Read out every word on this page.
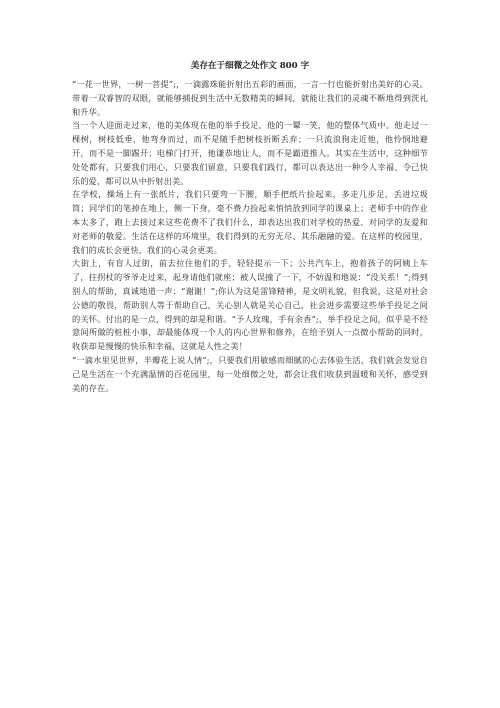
美存在于细微之处作文 800 字

“一花一世界，一树一菩提”;，一滴露珠能折射出五彩的画面，一言一行也能折射出美好的心灵。带着一双睿智的双眼，就能够捕捉到生活中无数精美的瞬间，就能让我们的灵魂不断地得到洗礼和升华。

当一个人迎面走过来，他的美体现在他的举手投足，他的一颦一笑，他的整体气质中。他走过一棵树，树枝低垂，他弯身而过，而不是随手把树枝折断丢弃；一只流浪狗走近他，他怜悯地避开，而不是一脚踢开；电梯门打开，他谦恭地让人，而不是霸道推人。其实在生活中，这种细节处处都有，只要我们用心，只要我们留意，只要我们践行，都可以表达出一种令人幸福、令己快乐的爱，都可以从中折射出美。

在学校，操场上有一张纸片，我们只要弯一下腰，顺手把纸片捡起来，多走几步足，丢进垃圾筒；同学们的笔掉在地上，侧一下身，毫不费力捡起来悄悄放到同学的课桌上；老师手中的作业本太多了，跑上去接过来这些花费不了我们什么，却表达出我们对学校的热爱、对同学的友爱和对老师的敬爱。生活在这样的环境里，我们得到的无穷无尽、其乐融融的爱。在这样的校园里，我们的成长会更快，我们的心灵会更美。

大街上，有盲人过街，前去拉住他们的手，轻轻提示一下；公共汽车上，抱着孩子的阿姨上车了，拄拐杖的爷爷走过来，起身请他们就座；被人误撞了一下，不妨温和地说：“没关系！”;得到别人的帮助，真诚地道一声：“谢谢！”;你认为这是雷锋精神，是文明礼貌，但我说，这是对社会公德的敬畏，帮助别人等于帮助自己，关心别人就是关心自己，社会进步需要这些举手投足之间的关怀。付出的是一点，得到的却是和谐。“予人玫瑰，手有余香”;，举手投足之间，似乎是不经意间所做的桩桩小事，却最能体现一个人的内心世界和修养，在给予别人一点微小帮助的同时，收获却是慢慢的快乐和幸福，这就是人性之美！

“一滴水里见世界，半瓣花上说人情”;，只要我们用敏感而细腻的心去体验生活，我们就会发觉自己是生活在一个充满温情的百花园里，每一处细微之处，都会让我们收获到温暖和关怀，感受到美的存在。
